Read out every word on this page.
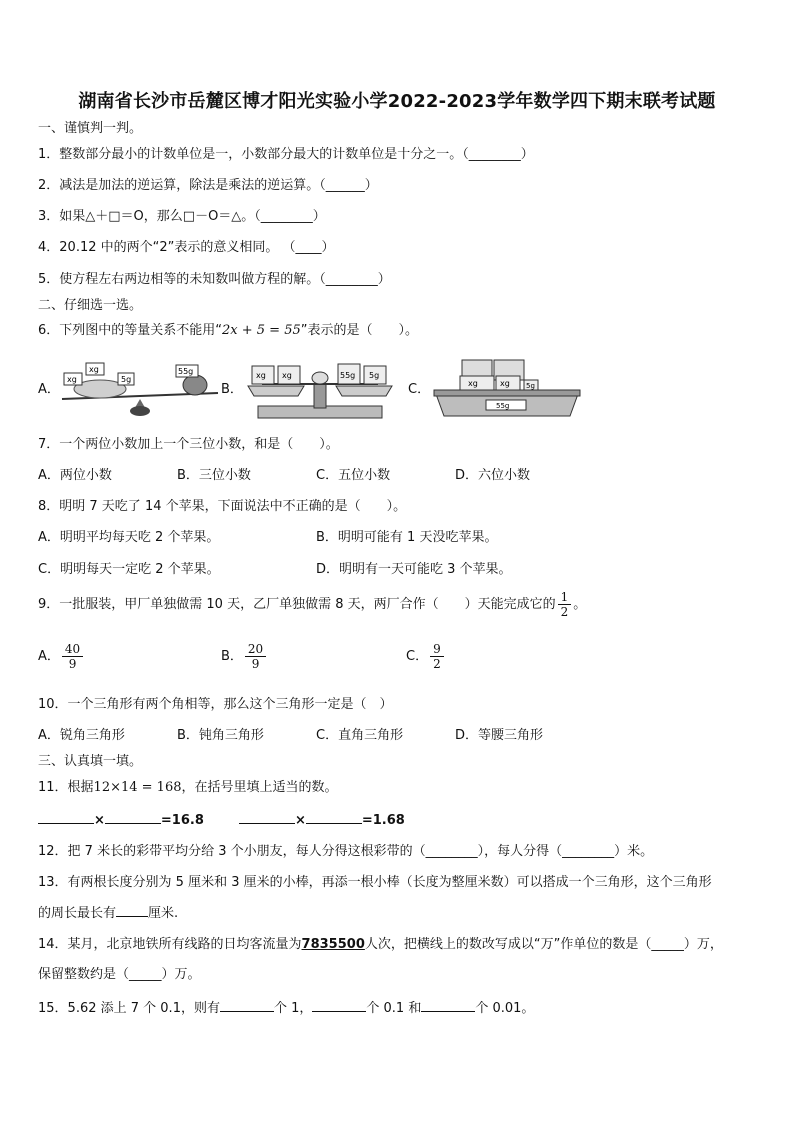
湖南省长沙市岳麓区博才阳光实验小学2022-2023学年数学四下期末联考试题
一、谨慎判一判。
1．整数部分最小的计数单位是一，小数部分最大的计数单位是十分之一。（________）
2．减法是加法的逆运算，除法是乘法的逆运算。（______）
3．如果△＋□＝O，那么□－O＝△。（________）
4．20.12 中的两个“2”表示的意义相同。 （____）
5．使方程左右两边相等的未知数叫做方程的解。（________）
二、仔细选一选。
6．下列图中的等量关系不能用“2x + 5 = 55”表示的是（　　）。
A．
xg
xg
5g
55g
B．
xg xg	55g 5g
C．
55g
xg	xg 5g
7．一个两位小数加上一个三位小数，和是（　　）。
A．两位小数	B．三位小数	C．五位小数	D．六位小数
8．明明 7 天吃了 14 个苹果，下面说法中不正确的是（　　）。
A．明明平均每天吃 2 个苹果。	B．明明可能有 1 天没吃苹果。
C．明明每天一定吃 2 个苹果。	D．明明有一天可能吃 3 个苹果。
9．一批服装，甲厂单独做需 10 天，乙厂单独做需 8 天，两厂合作（　　）天能完成它的 $\frac{1}{2}$ 。
A． $\frac{40}{9}$	B． $\frac{20}{9}$	C． $\frac{9}{2}$
10．一个三角形有两个角相等，那么这个三角形一定是（　）
A．锐角三角形	B．钝角三角形	C．直角三角形	D．等腰三角形
三、认真填一填。
11．根据12×14 = 168，在括号里填上适当的数。
×	=16.8	×	=1.68
12．把 7 米长的彩带平均分给 3 个小朋友，每人分得这根彩带的（________），每人分得（________）米。
13．有两根长度分别为 5 厘米和 3 厘米的小棒，再添一根小棒（长度为整厘米数）可以搭成一个三角形，这个三角形
的周长最长有 厘米.
14．某月，北京地铁所有线路的日均客流量为7835500人次，把横线上的数改写成以“万”作单位的数是（_____）万，
保留整数约是（_____）万。
15．5.62 添上 7 个 0.1，则有	个 1，	个 0.1 和	个 0.01。
